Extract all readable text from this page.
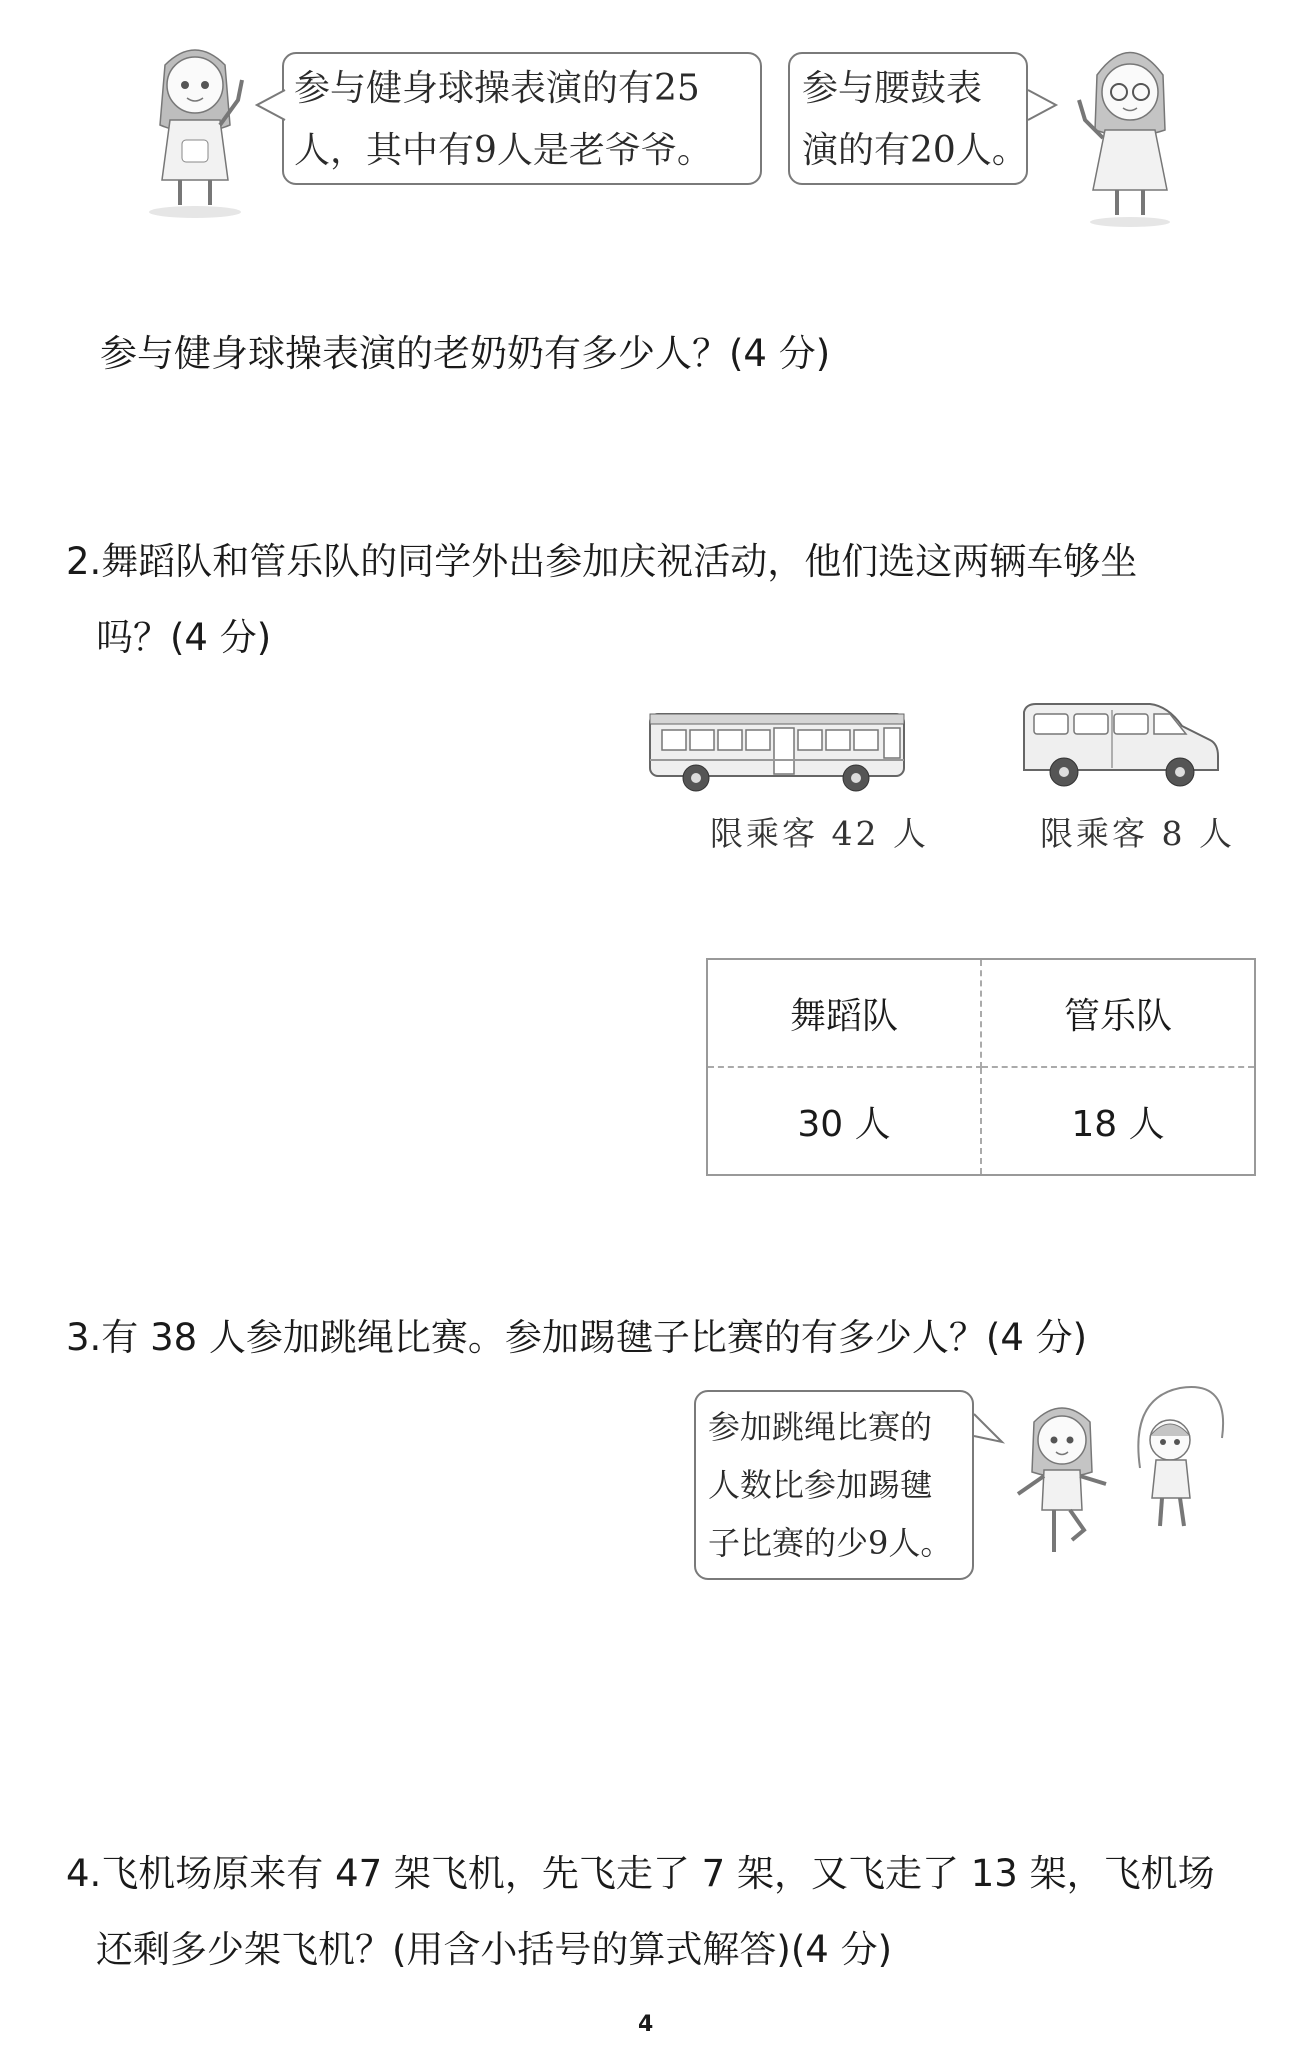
参与健身球操表演的有25
人，其中有9人是老爷爷。
参与腰鼓表
演的有20人。
参与健身球操表演的老奶奶有多少人？(4 分)
2.舞蹈队和管乐队的同学外出参加庆祝活动，他们选这两辆车够坐
吗？(4 分)
限乘客 42 人	限乘客 8 人
舞蹈队	管乐队
30 人	18 人
3.有 38 人参加跳绳比赛。参加踢毽子比赛的有多少人？(4 分)
参加跳绳比赛的
人数比参加踢毽
子比赛的少9人。
4.飞机场原来有 47 架飞机，先飞走了 7 架，又飞走了 13 架，飞机场
还剩多少架飞机？(用含小括号的算式解答)(4 分)
4
